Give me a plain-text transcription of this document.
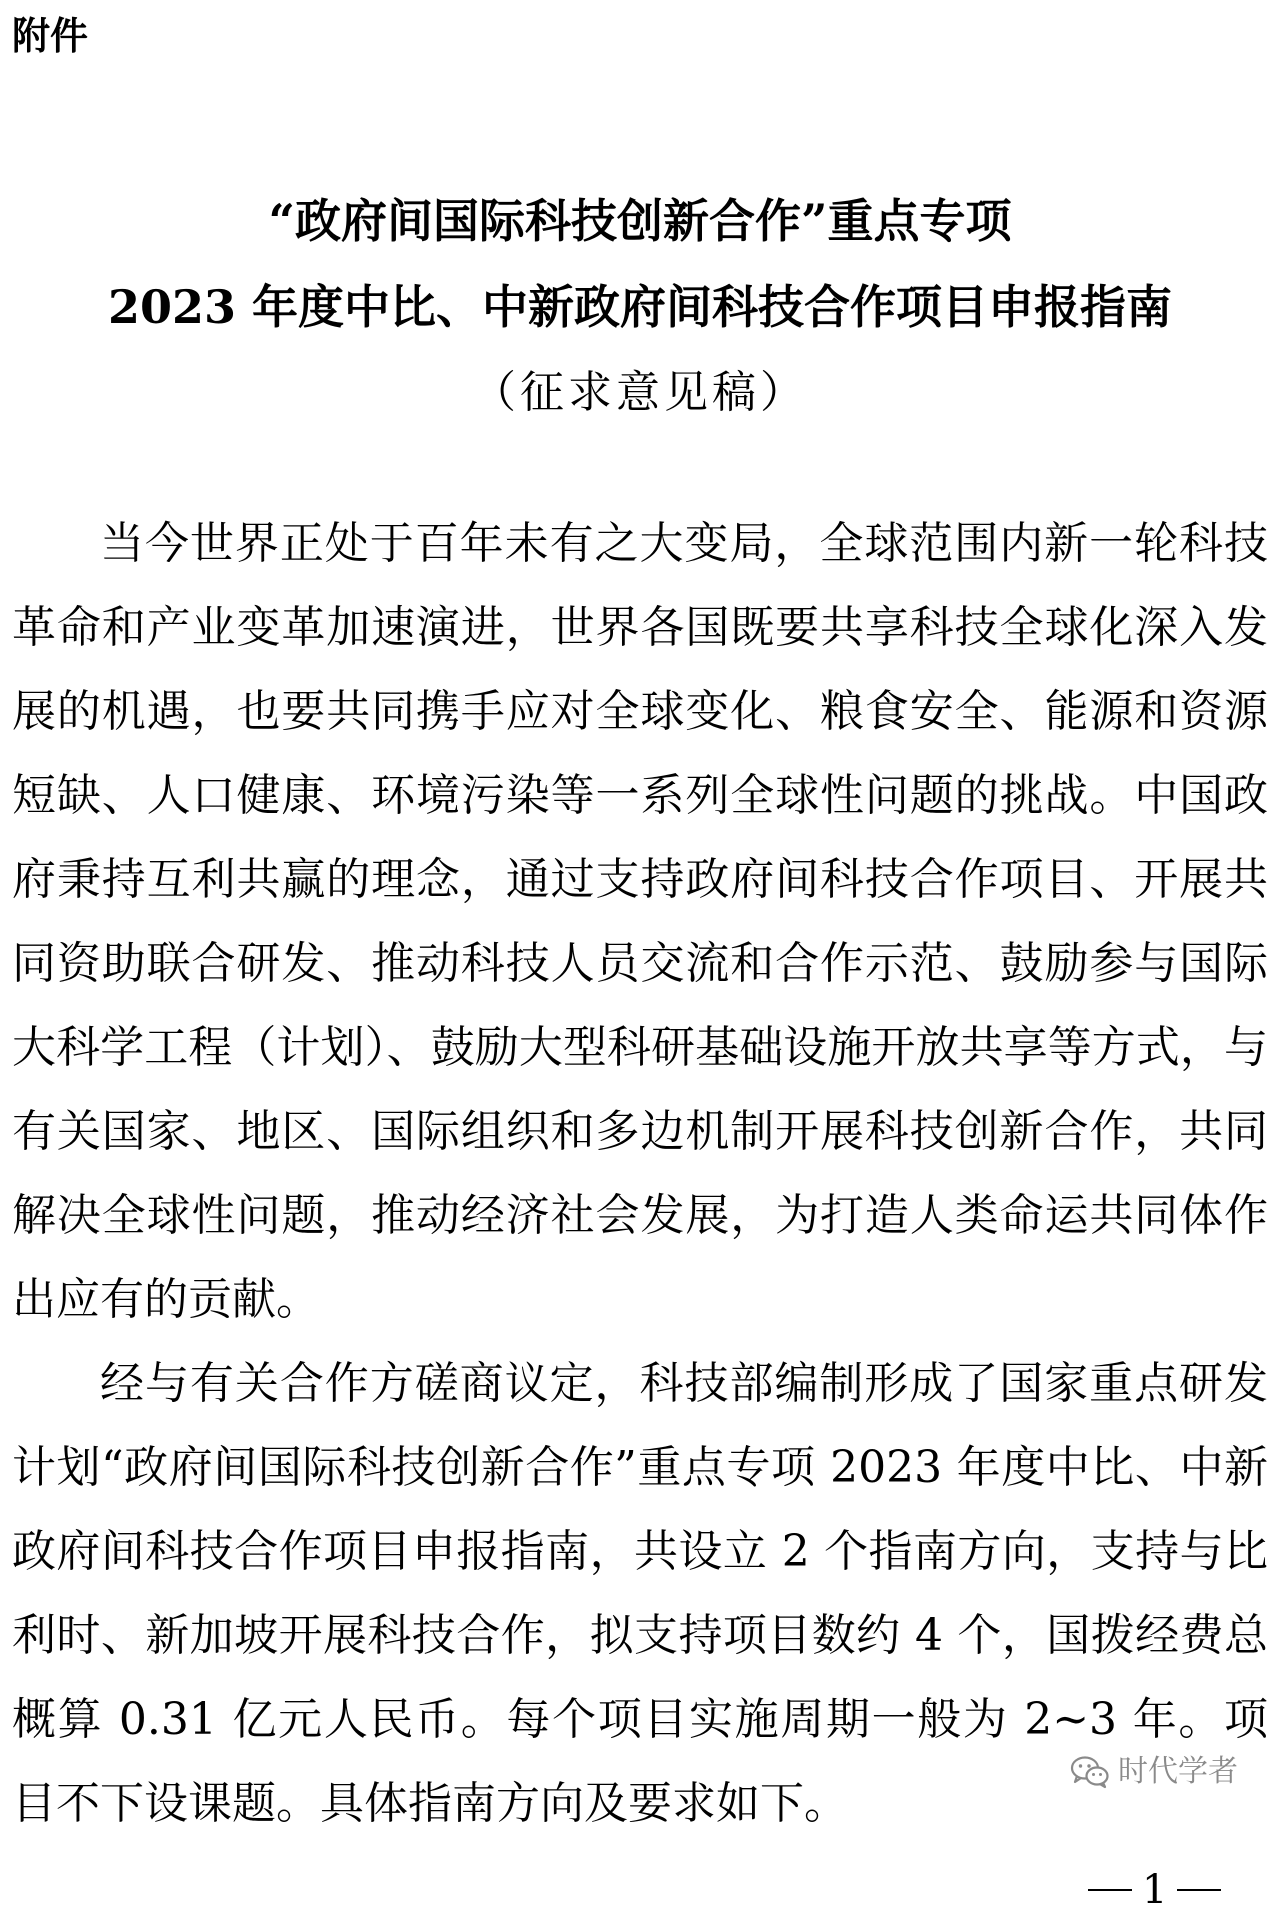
附件

“政府间国际科技创新合作”重点专项

2023 年度中比、中新政府间科技合作项目申报指南

（征求意见稿）

当今世界正处于百年未有之大变局，全球范围内新一轮科技革命和产业变革加速演进，世界各国既要共享科技全球化深入发展的机遇，也要共同携手应对全球变化、粮食安全、能源和资源短缺、人口健康、环境污染等一系列全球性问题的挑战。中国政府秉持互利共赢的理念，通过支持政府间科技合作项目、开展共同资助联合研发、推动科技人员交流和合作示范、鼓励参与国际大科学工程（计划）、鼓励大型科研基础设施开放共享等方式，与有关国家、地区、国际组织和多边机制开展科技创新合作，共同解决全球性问题，推动经济社会发展，为打造人类命运共同体作出应有的贡献。

经与有关合作方磋商议定，科技部编制形成了国家重点研发计划“政府间国际科技创新合作”重点专项 2023 年度中比、中新政府间科技合作项目申报指南，共设立 2 个指南方向，支持与比利时、新加坡开展科技合作，拟支持项目数约 4 个，国拨经费总概算 0.31 亿元人民币。每个项目实施周期一般为 2~3 年。项目不下设课题。具体指南方向及要求如下。

时代学者
1
